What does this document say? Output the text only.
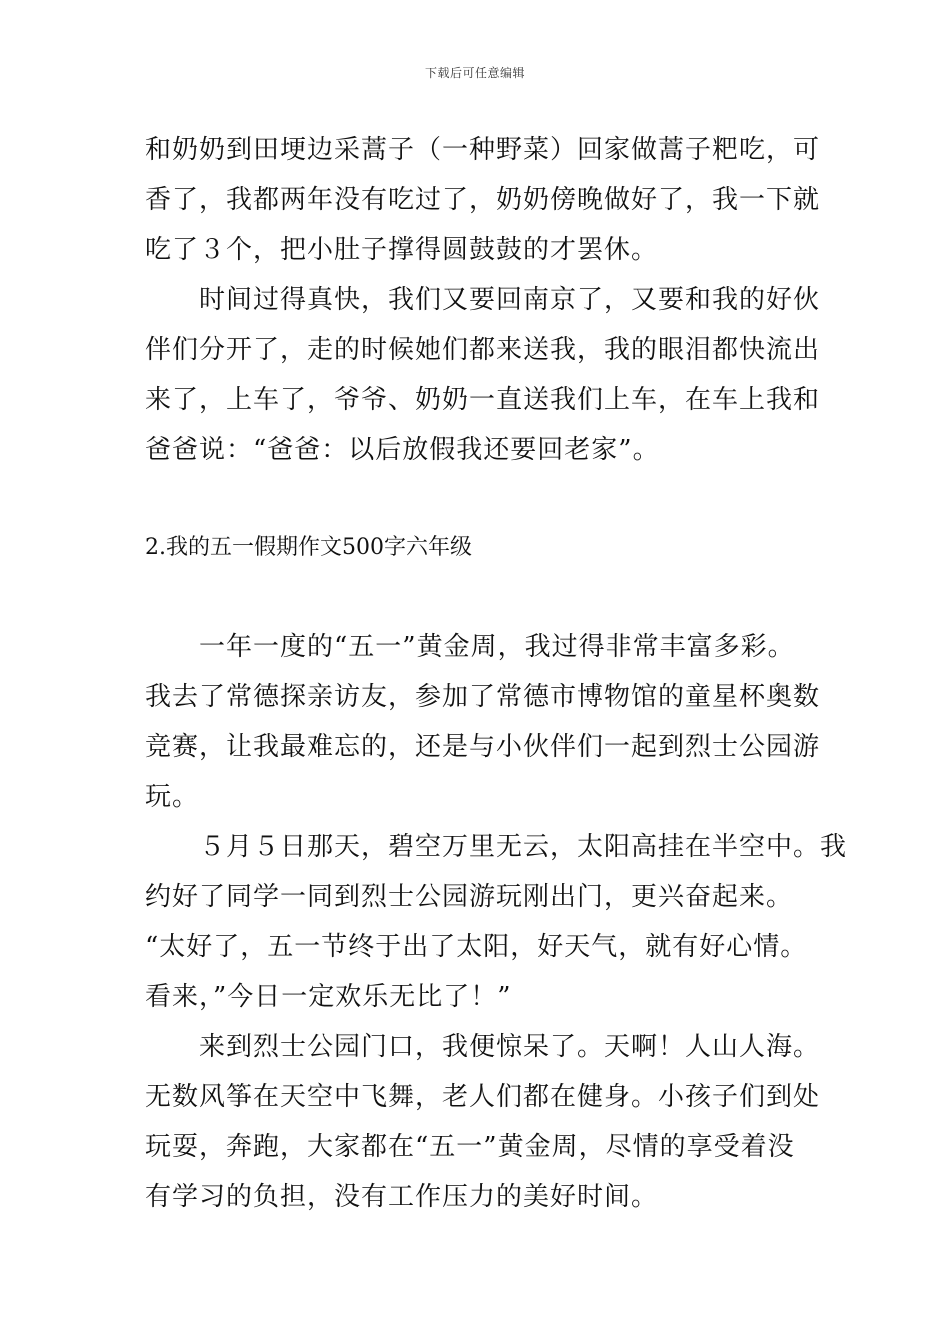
下载后可任意编辑
和奶奶到田埂边采蒿子（一种野菜）回家做蒿子粑吃，可
香了，我都两年没有吃过了，奶奶傍晚做好了，我一下就
吃了３个，把小肚子撑得圆鼓鼓的才罢休。
　　时间过得真快，我们又要回南京了，又要和我的好伙
伴们分开了，走的时候她们都来送我，我的眼泪都快流出
来了，上车了，爷爷、奶奶一直送我们上车，在车上我和
爸爸说：“爸爸：以后放假我还要回老家”。
2.我的五一假期作文500字六年级
　　一年一度的“五一”黄金周，我过得非常丰富多彩。
我去了常德探亲访友，参加了常德市博物馆的童星杯奥数
竞赛，让我最难忘的，还是与小伙伴们一起到烈士公园游
玩。
　　５月５日那天，碧空万里无云，太阳高挂在半空中。我
约好了同学一同到烈士公园游玩刚出门，更兴奋起来。
“太好了，五一节终于出了太阳，好天气，就有好心情。
看来，”今日一定欢乐无比了！”
　　来到烈士公园门口，我便惊呆了。天啊！人山人海。
无数风筝在天空中飞舞，老人们都在健身。小孩子们到处
玩耍，奔跑，大家都在“五一”黄金周，尽情的享受着没
有学习的负担，没有工作压力的美好时间。
